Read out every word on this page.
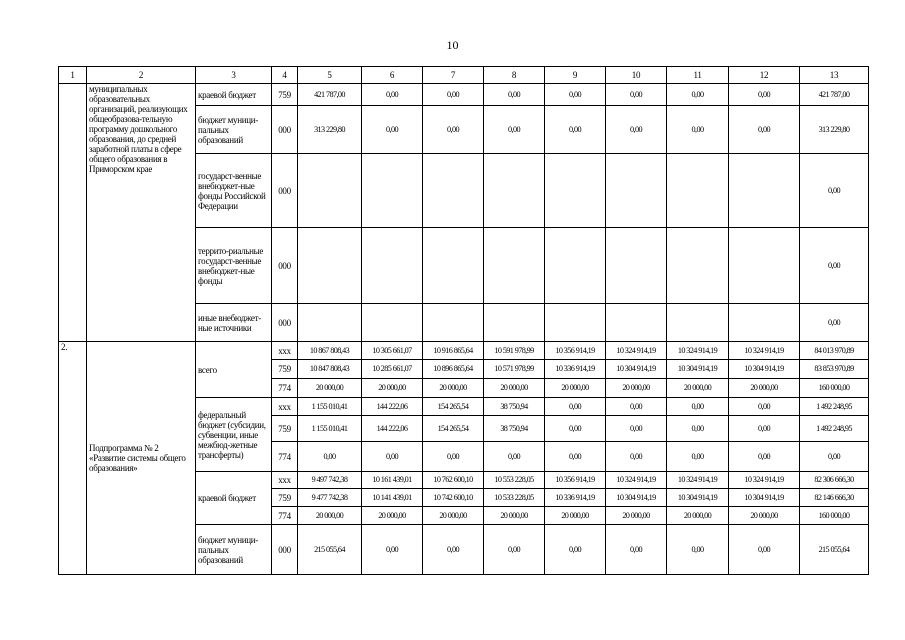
10
1	2	3	4	5	6	7	8	9	10	11	12	13
	муниципальных образовательных организаций, реализующих общеобразова-тельную программу дошкольного образования, до средней заработной платы в сфере общего образования в Приморском крае	краевой бюджет	759	421 787,00	0,00	0,00	0,00	0,00	0,00	0,00	0,00	421 787,00
		бюджет муници-пальных образований	000	313 229,80	0,00	0,00	0,00	0,00	0,00	0,00	0,00	313 229,80
		государст-венные внебюджет-ные фонды Российской Федерации	000									0,00
		террито-риальные государст-венные внебюджет-ные фонды	000									0,00
		иные внебюджет-ные источники	000									0,00
2.	Подпрограмма № 2 «Развитие системы общего образования»	всего	xxx	10 867 808,43	10 305 661,07	10 916 865,64	10 591 978,99	10 356 914,19	10 324 914,19	10 324 914,19	10 324 914,19	84 013 970,89
			759	10 847 808,43	10 285 661,07	10 896 865,64	10 571 978,99	10 336 914,19	10 304 914,19	10 304 914,19	10 304 914,19	83 853 970,89
			774	20 000,00	20 000,00	20 000,00	20 000,00	20 000,00	20 000,00	20 000,00	20 000,00	160 000,00
		федеральный бюджет (субсидии, субвенции, иные межбюд-жетные трансферты)	xxx	1 155 010,41	144 222,06	154 265,54	38 750,94	0,00	0,00	0,00	0,00	1 492 248,95
			759	1 155 010,41	144 222,06	154 265,54	38 750,94	0,00	0,00	0,00	0,00	1 492 248,95
			774	0,00	0,00	0,00	0,00	0,00	0,00	0,00	0,00	0,00
		краевой бюджет	xxx	9 497 742,38	10 161 439,01	10 762 600,10	10 553 228,05	10 356 914,19	10 324 914,19	10 324 914,19	10 324 914,19	82 306 666,30
			759	9 477 742,38	10 141 439,01	10 742 600,10	10 533 228,05	10 336 914,19	10 304 914,19	10 304 914,19	10 304 914,19	82 146 666,30
			774	20 000,00	20 000,00	20 000,00	20 000,00	20 000,00	20 000,00	20 000,00	20 000,00	160 000,00
		бюджет муници-пальных образований	000	215 055,64	0,00	0,00	0,00	0,00	0,00	0,00	0,00	215 055,64
